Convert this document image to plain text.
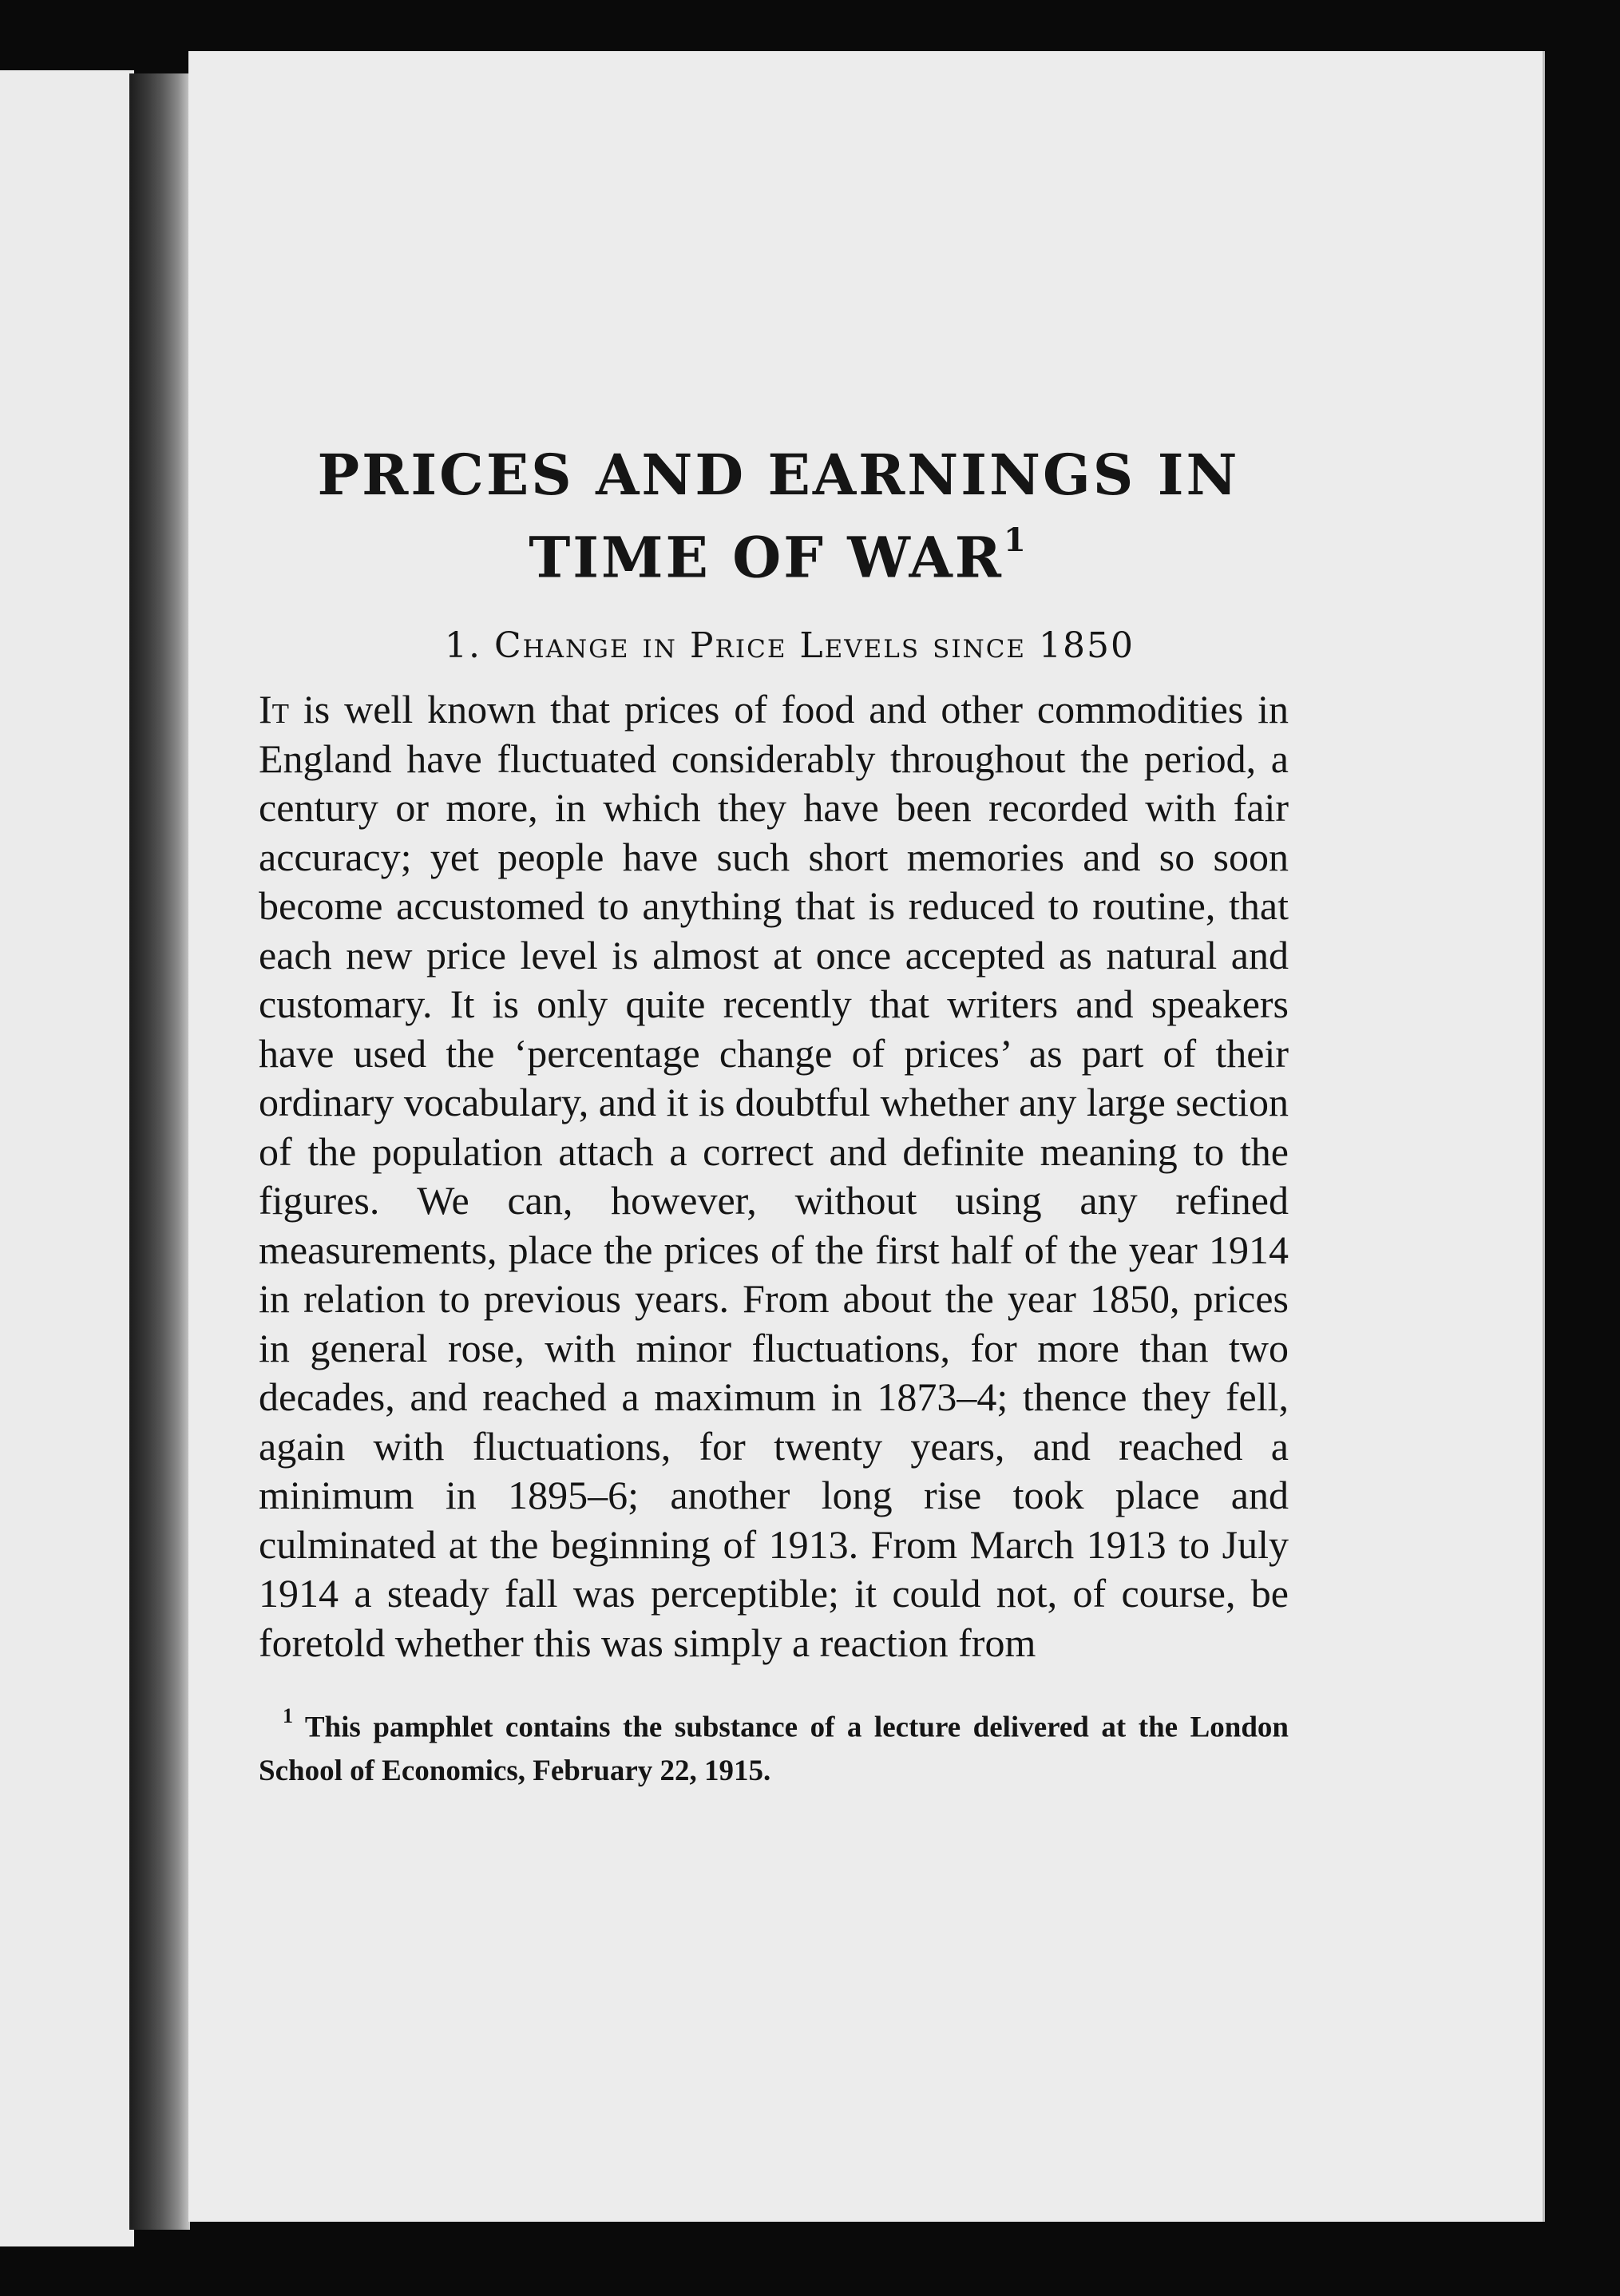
PRICES AND EARNINGS IN
TIME OF WAR$^1$
1. Change in Price Levels since 1850

It is well known that prices of food and other commodities in England have fluctuated considerably throughout the period, a century or more, in which they have been recorded with fair accuracy; yet people have such short memories and so soon become accustomed to anything that is reduced to routine, that each new price level is almost at once accepted as natural and customary. It is only quite recently that writers and speakers have used the ‘percentage change of prices’ as part of their ordinary vocabulary, and it is doubtful whether any large section of the population attach a correct and definite meaning to the figures. We can, however, without using any refined measurements, place the prices of the first half of the year 1914 in relation to previous years. From about the year 1850, prices in general rose, with minor fluctuations, for more than two decades, and reached a maximum in 1873–4; thence they fell, again with fluctuations, for twenty years, and reached a minimum in 1895–6; another long rise took place and culminated at the beginning of 1913. From March 1913 to July 1914 a steady fall was perceptible; it could not, of course, be foretold whether this was simply a reaction from

$^1$ This pamphlet contains the substance of a lecture delivered at the London School of Economics, February 22, 1915.
